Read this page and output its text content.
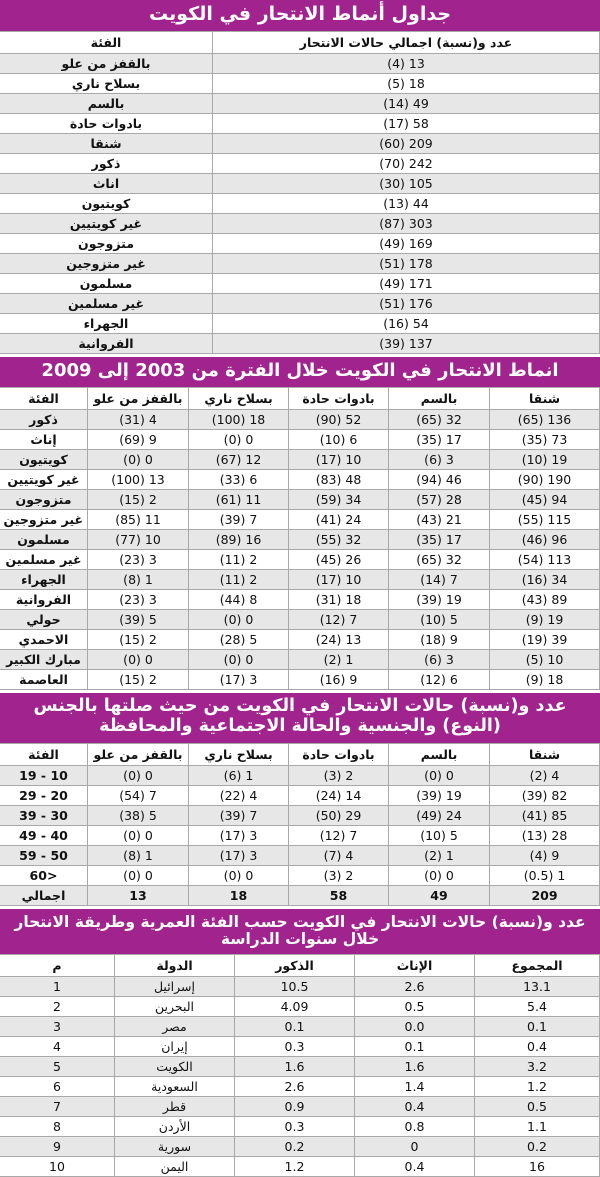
جداول أنماط الانتحار في الكويت
عدد و(نسبة) اجمالي حالات الانتحار	الفئة
13 (4)	بالقفز من علو
18 (5)	بسلاح ناري
49 (14)	بالسم
58 (17)	بادوات حادة
209 (60)	شنقا
242 (70)	ذكور
105 (30)	اناث
44 (13)	كويتيون
303 (87)	غير كويتيين
169 (49)	متزوجون
178 (51)	غير متزوجين
171 (49)	مسلمون
176 (51)	غير مسلمين
54 (16)	الجهراء
137 (39)	الفروانية
انماط الانتحار في الكويت خلال الفترة من 2003 إلى 2009
شنقا	بالسم	بادوات حادة	بسلاح ناري	بالقفز من علو	الفئة
136 (65)	32 (65)	52 (90)	18 (100)	4 (31)	ذكور
73 (35)	17 (35)	6 (10)	0 (0)	9 (69)	إناث
19 (10)	3 (6)	10 (17)	12 (67)	0 (0)	كويتيون
190 (90)	46 (94)	48 (83)	6 (33)	13 (100)	غير كويتيين
94 (45)	28 (57)	34 (59)	11 (61)	2 (15)	متزوجون
115 (55)	21 (43)	24 (41)	7 (39)	11 (85)	غير متزوجين
96 (46)	17 (35)	32 (55)	16 (89)	10 (77)	مسلمون
113 (54)	32 (65)	26 (45)	2 (11)	3 (23)	غير مسلمين
34 (16)	7 (14)	10 (17)	2 (11)	1 (8)	الجهراء
89 (43)	19 (39)	18 (31)	8 (44)	3 (23)	الفروانية
19 (9)	5 (10)	7 (12)	0 (0)	5 (39)	حولي
39 (19)	9 (18)	13 (24)	5 (28)	2 (15)	الاحمدي
10 (5)	3 (6)	1 (2)	0 (0)	0 (0)	مبارك الكبير
18 (9)	6 (12)	9 (16)	3 (17)	2 (15)	العاصمة
عدد و(نسبة) حالات الانتحار في الكويت من حيث صلتها بالجنس (النوع) والجنسية والحالة الاجتماعية والمحافظة
شنقا	بالسم	بادوات حادة	بسلاح ناري	بالقفز من علو	الفئة
4 (2)	0 (0)	2 (3)	1 (6)	0 (0)	10 - 19
82 (39)	19 (39)	14 (24)	4 (22)	7 (54)	20 - 29
85 (41)	24 (49)	29 (50)	7 (39)	5 (38)	30 - 39
28 (13)	5 (10)	7 (12)	3 (17)	0 (0)	40 - 49
9 (4)	1 (2)	4 (7)	3 (17)	1 (8)	50 - 59
1 (0.5)	0 (0)	2 (3)	0 (0)	0 (0)	<60
209	49	58	18	13	اجمالي
عدد و(نسبة) حالات الانتحار في الكويت حسب الفئة العمرية وطريقة الانتحار خلال سنوات الدراسة
المجموع	الإناث	الذكور	الدولة	م
13.1	2.6	10.5	إسرائيل	1
5.4	0.5	4.09	البحرين	2
0.1	0.0	0.1	مصر	3
0.4	0.1	0.3	إيران	4
3.2	1.6	1.6	الكويت	5
1.2	1.4	2.6	السعودية	6
0.5	0.4	0.9	قطر	7
1.1	0.8	0.3	الأردن	8
0.2	0	0.2	سورية	9
16	0.4	1.2	اليمن	10
